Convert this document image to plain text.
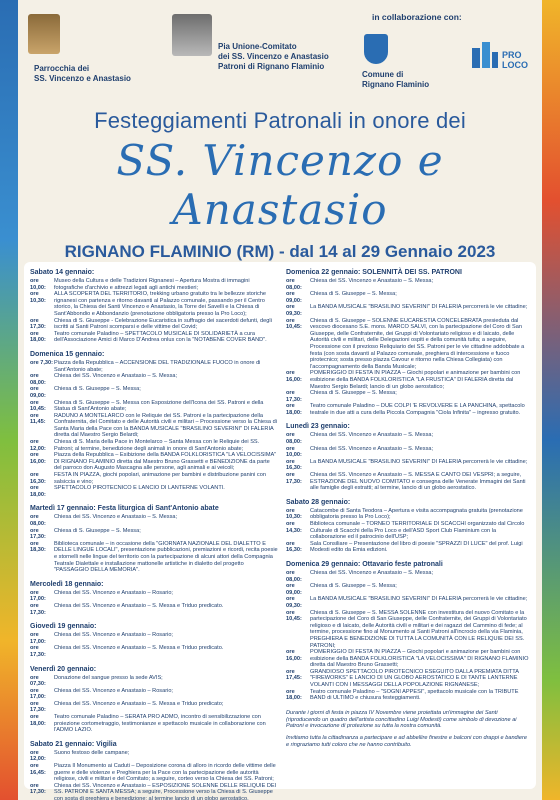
Parrocchia dei
SS. Vincenzo e Anastasio
Pia Unione-Comitato
dei SS. Vincenzo e Anastasio
Patroni di Rignano Flaminio
in collaborazione con:
Comune di
Rignano Flaminio
PRO LOCO
Festeggiamenti Patronali in onore dei
SS. Vincenzo e Anastasio
RIGNANO FLAMINIO (RM) - dal 14 al 29 Gennaio 2023
Sabato 14 gennaio:
ore 10,00:
Museo della Cultura e delle Tradizioni Rignanesi – Apertura Mostra di immagini fotografiche d'archivio e attrezzi legati agli antichi mestieri;
ore 10,30:
ALLA SCOPERTA DEL TERRITORIO, trekking urbano gratuito tra le bellezze storiche rignanesi con partenza e ritorno davanti al Palazzo comunale, passando per il Centro storico, la Chiesa dei Santi Vincenzo e Anastasio, la Torre dei Savelli e la Chiesa di Sant'Abbondio e Abbondanzio (prenotazione obbligatoria presso la Pro Loco);
ore 17,30:
Chiesa di S. Giuseppe - Celebrazione Eucaristica in suffragio dei sacerdoti defunti, degli iscritti ai Santi Patroni scomparsi e delle vittime del Covid;
ore 18,00:
Teatro comunale Paladino – SPETTACOLO MUSICALE DI SOLIDARIETÀ a cura dell'Associazione Amici di Marco D'Andrea onlus con la "NOTABENE COVER BAND".
Domenica 15 gennaio:
ore 7,30: Piazza della Repubblica – ACCENSIONE DEL TRADIZIONALE FUOCO in onore di Sant'Antonio abate;
ore 08,00:
Chiesa dei SS. Vincenzo e Anastasio – S. Messa;
ore 09,00:
Chiesa di S. Giuseppe – S. Messa;
ore 10,45:
Chiesa di S. Giuseppe – S. Messa con Esposizione dell'Icona dei SS. Patroni e della Statua di Sant'Antonio abate;
ore 11,45:
RADUNO A MONTELARCO con le Reliquie dei SS. Patroni e la partecipazione della Confraternita, del Comitato e delle Autorità civili e militari – Processione verso la Chiesa di Santa Maria della Pace con la BANDA MUSICALE "BRASILINO SEVERINI" DI FALERIA diretta dal Maestro Sergio Belardi;
ore 12,00:
Chiesa di S. Maria della Pace in Montelarco – Santa Messa con le Reliquie dei SS. Patroni; al termine, benedizione degli animali in onore di Sant'Antonio abate;
ore 16,00:
Piazza della Repubblica – Esibizione della BANDA FOLKLORISTICA "LA VELOCISSIMA" DI RIGNANO FLAMINIO diretta dal Maestro Bruno Grassetti e BENEDIZIONE da parte del parroco don Augusto Mascagna alle persone, agli animali e ai veicoli;
ore 16,30:
FESTA IN PIAZZA, giochi popolari, animazione per bambini e distribuzione panini con salsiccia e vino;
ore 18,00:
SPETTACOLO PIROTECNICO E LANCIO DI LANTERNE VOLANTI.
Martedì 17 gennaio: Festa liturgica di Sant'Antonio abate
ore 08,00:
Chiesa dei SS. Vincenzo e Anastasio – S. Messa;
ore 17,30:
Chiesa di S. Giuseppe – S. Messa;
ore 18,30:
Biblioteca comunale – in occasione della "GIORNATA NAZIONALE DEL DIALETTO E DELLE LINGUE LOCALI", presentazione pubblicazioni, premiazioni e ricordi, recita poesie e stornelli nelle lingue del territorio con la partecipazione di alcuni attori della Compagnia Teatrale Dialettale e installazione mattonelle artistiche in dialetto del progetto "PASSAGGIO DELLA MEMORIA".
Mercoledì 18 gennaio:
ore 17,00:
Chiesa dei SS. Vincenzo e Anastasio – Rosario;
ore 17,30:
Chiesa dei SS. Vincenzo e Anastasio – S. Messa e Triduo predicato.
Giovedì 19 gennaio:
ore 17,00:
Chiesa dei SS. Vincenzo e Anastasio – Rosario;
ore 17,30:
Chiesa dei SS. Vincenzo e Anastasio – S. Messa e Triduo predicato.
Venerdì 20 gennaio:
ore 07,30:
Donazione del sangue presso la sede AVIS;
ore 17,00:
Chiesa dei SS. Vincenzo e Anastasio – Rosario;
ore 17,30:
Chiesa dei SS. Vincenzo e Anastasio – S. Messa e Triduo predicato;
ore 18,00:
Teatro comunale Paladino – SERATA PRO ADMO, incontro di sensibilizzazione con proiezione cortometraggio, testimonianze e spettacolo musicale in collaborazione con l'ADMO LAZIO.
Sabato 21 gennaio: Vigilia
ore 12,00:
Suono festoso delle campane;
ore 16,45:
Piazza Il Monumento ai Caduti – Deposizione corona di alloro in ricordo delle vittime delle guerre e delle violenze e Preghiera per la Pace con la partecipazione delle autorità religiose, civili e militari e del Comitato; a seguire, corteo verso la Chiesa dei SS. Patroni;
ore 17,30:
Chiesa dei SS. Vincenzo e Anastasio – ESPOSIZIONE SOLENNE DELLE RELIQUIE DEI SS. PATRONI E SANTA MESSA; a seguire, Processione verso la Chiesa di S. Giuseppe con sosta di preghiera e benedizione; al termine lancio di un globo aerostatico.
Domenica 22 gennaio: SOLENNITÀ DEI SS. PATRONI
ore 08,00:
Chiesa dei SS. Vincenzo e Anastasio – S. Messa;
ore 09,00:
Chiesa di S. Giuseppe – S. Messa;
ore 09,30:
La BANDA MUSICALE "BRASILINO SEVERINI" DI FALERIA percorrerà le vie cittadine;
ore 10,45:
Chiesa di S. Giuseppe – SOLENNE EUCARESTIA CONCELEBRATA presieduta dal vescovo diocesano S.E. mons. MARCO SALVI, con la partecipazione del Coro di San Giuseppe, delle Confraternite, dei Gruppi di Volontariato religioso e di laicato, delle Autorità civili e militari, delle Delegazioni ospiti e della comunità tutta; a seguire, Processione con il prezioso Reliquiario dei SS. Patroni per le vie cittadine addobbate a festa (con sosta davanti al Palazzo comunale, preghiera di intercessione e fuoco pirotecnico; sosta presso piazza Cavour e ritorno nella Chiesa Collegiata) con l'accompagnamento della Banda Musicale;
ore 16,00:
POMERIGGIO DI FESTA IN PIAZZA – Giochi popolari e animazione per bambini con esibizione della BANDA FOLKLORISTICA "LA FRUSTICA" DI FALERIA diretta dal Maestro Sergio Belardi; lancio di un globo aerostatico;
ore 17,30:
Chiesa di S. Giuseppe – S. Messa;
ore 18,00:
Teatro comunale Paladino – DUE COLPI 'E REVOLVERE E LA PANCHINA, spettacolo teatrale in due atti a cura della Piccola Compagnia "Ciola Infinita" – ingresso gratuito.
Lunedì 23 gennaio:
ore 08,00:
Chiesa dei SS. Vincenzo e Anastasio – S. Messa;
ore 10,00:
Chiesa dei SS. Vincenzo e Anastasio – S. Messa;
ore 16,30:
La BANDA MUSICALE "BRASILINO SEVERINI" DI FALERIA percorrerà le vie cittadine;
ore 17,30:
Chiesa dei SS. Vincenzo e Anastasio – S. MESSA E CANTO DEI VESPRI; a seguire, ESTRAZIONE DEL NUOVO COMITATO e consegna delle Venerate Immagini dei Santi alle famiglie degli estratti; al termine, lancio di un globo aerostatico.
Sabato 28 gennaio:
ore 10,30:
Catacombe di Santa Teodora – Apertura e visita accompagnata gratuita (prenotazione obbligatoria presso la Pro Loco);
ore 14,30:
Biblioteca comunale – TORNEO TERRITORIALE DI SCACCHI organizzato dal Circolo Culturale di Scacchi della Pro Loco e dell'ASD Sport Club Flaminium con la collaborazione ed il patrocinio dell'USP;
ore 16,30:
Sala Consiliare – Presentazione del libro di poesie "SPRAZZI DI LUCE" del prof. Luigi Modesti edito da Emia edizioni.
Domenica 29 gennaio: Ottavario feste patronali
ore 08,00:
Chiesa dei SS. Vincenzo e Anastasio – S. Messa;
ore 09,00:
Chiesa di S. Giuseppe – S. Messa;
ore 09,30:
La BANDA MUSICALE "BRASILINO SEVERINI" DI FALERIA percorrerà le vie cittadine;
ore 10,45:
Chiesa di S. Giuseppe – S. MESSA SOLENNE con investitura del nuovo Comitato e la partecipazione del Coro di San Giuseppe, delle Confraternite, dei Gruppi di Volontariato religioso e di laicato, delle Autorità civili e militari e dei ragazzi del Cammino di fede; al termine, processione fino al Monumento ai Santi Patroni all'incrocio della via Flaminia, PREGHIERA E BENEDIZIONE DI TUTTA LA COMUNITÀ CON LE RELIQUIE DEI SS. PATRONI;
ore 16,00:
POMERIGGIO DI FESTA IN PIAZZA – Giochi popolari e animazione per bambini con esibizione della BANDA FOLKLORISTICA "LA VELOCISSIMA" DI RIGNANO FLAMINIO diretta dal Maestro Bruno Grassetti;
ore 17,45:
GRANDIOSO SPETTACOLO PIROTECNICO ESEGUITO DALLA PREMIATA DITTA "FIREWORKS" E LANCIO DI UN GLOBO AEROSTATICO E DI TANTE LANTERNE VOLANTI CON I MESSAGGI DELLA POPOLAZIONE RIGNANESE;
ore 18,00:
Teatro comunale Paladino – "SOGNI APPESI", spettacolo musicale con la TRIBUTE BAND di ULTIMO e chiusura festeggiamenti.

Durante i giorni di festa in piazza IV Novembre viene proiettata un'immagine dei Santi (riproducendo un quadro dell'artista concittadino Luigi Modesti) come simbolo di devozione ai Patroni e invocazione di protezione su tutta la nostra comunità.

Invitiamo tutta la cittadinanza a partecipare e ad abbellire finestre e balconi con drappi e bandiere e ringraziamo tutti coloro che ne hanno contribuito.
